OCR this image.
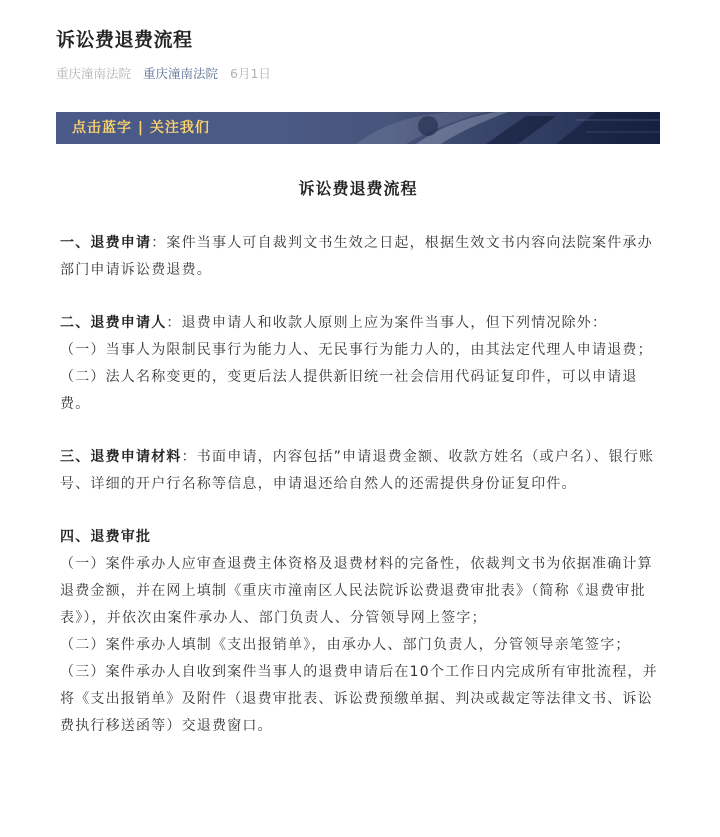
诉讼费退费流程
重庆潼南法院 重庆潼南法院 6月1日
点击蓝字 | 关注我们
诉讼费退费流程

一、退费申请：案件当事人可自裁判文书生效之日起，根据生效文书内容向法院案件承办部门申请诉讼费退费。

二、退费申请人：退费申请人和收款人原则上应为案件当事人，但下列情况除外：

（一）当事人为限制民事行为能力人、无民事行为能力人的，由其法定代理人申请退费；

（二）法人名称变更的，变更后法人提供新旧统一社会信用代码证复印件，可以申请退费。

三、退费申请材料：书面申请，内容包括”申请退费金额、收款方姓名（或户名）、银行账号、详细的开户行名称等信息，申请退还给自然人的还需提供身份证复印件。

四、退费审批

（一）案件承办人应审查退费主体资格及退费材料的完备性，依裁判文书为依据准确计算退费金额，并在网上填制《重庆市潼南区人民法院诉讼费退费审批表》（简称《退费审批表》），并依次由案件承办人、部门负责人、分管领导网上签字；

（二）案件承办人填制《支出报销单》，由承办人、部门负责人，分管领导亲笔签字；

（三）案件承办人自收到案件当事人的退费申请后在10个工作日内完成所有审批流程，并将《支出报销单》及附件（退费审批表、诉讼费预缴单据、判决或裁定等法律文书、诉讼费执行移送函等）交退费窗口。
